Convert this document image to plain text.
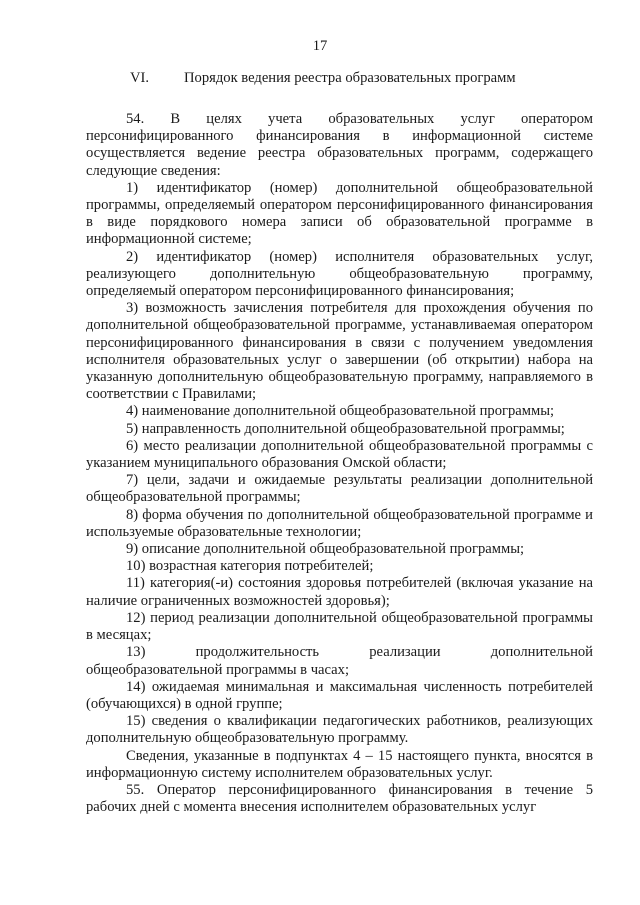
17
VI. Порядок ведения реестра образовательных программ

54. В целях учета образовательных услуг оператором персонифицированного финансирования в информационной системе осуществляется ведение реестра образовательных программ, содержащего следующие сведения:

1) идентификатор (номер) дополнительной общеобразовательной программы, определяемый оператором персонифицированного финансирования в виде порядкового номера записи об образовательной программе в информационной системе;

2) идентификатор (номер) исполнителя образовательных услуг, реализующего дополнительную общеобразовательную программу, определяемый оператором персонифицированного финансирования;

3) возможность зачисления потребителя для прохождения обучения по дополнительной общеобразовательной программе, устанавливаемая оператором персонифицированного финансирования в связи с получением уведомления исполнителя образовательных услуг о завершении (об открытии) набора на указанную дополнительную общеобразовательную программу, направляемого в соответствии с Правилами;

4) наименование дополнительной общеобразовательной программы;

5) направленность дополнительной общеобразовательной программы;

6) место реализации дополнительной общеобразовательной программы с указанием муниципального образования Омской области;

7) цели, задачи и ожидаемые результаты реализации дополнительной общеобразовательной программы;

8) форма обучения по дополнительной общеобразовательной программе и используемые образовательные технологии;

9) описание дополнительной общеобразовательной программы;

10) возрастная категория потребителей;

11) категория(-и) состояния здоровья потребителей (включая указание на наличие ограниченных возможностей здоровья);

12) период реализации дополнительной общеобразовательной программы в месяцах;

13) продолжительность реализации дополнительной общеобразовательной программы в часах;

14) ожидаемая минимальная и максимальная численность потребителей (обучающихся) в одной группе;

15) сведения о квалификации педагогических работников, реализующих дополнительную общеобразовательную программу.

Сведения, указанные в подпунктах 4 – 15 настоящего пункта, вносятся в информационную систему исполнителем образовательных услуг.

55. Оператор персонифицированного финансирования в течение 5 рабочих дней с момента внесения исполнителем образовательных услуг
